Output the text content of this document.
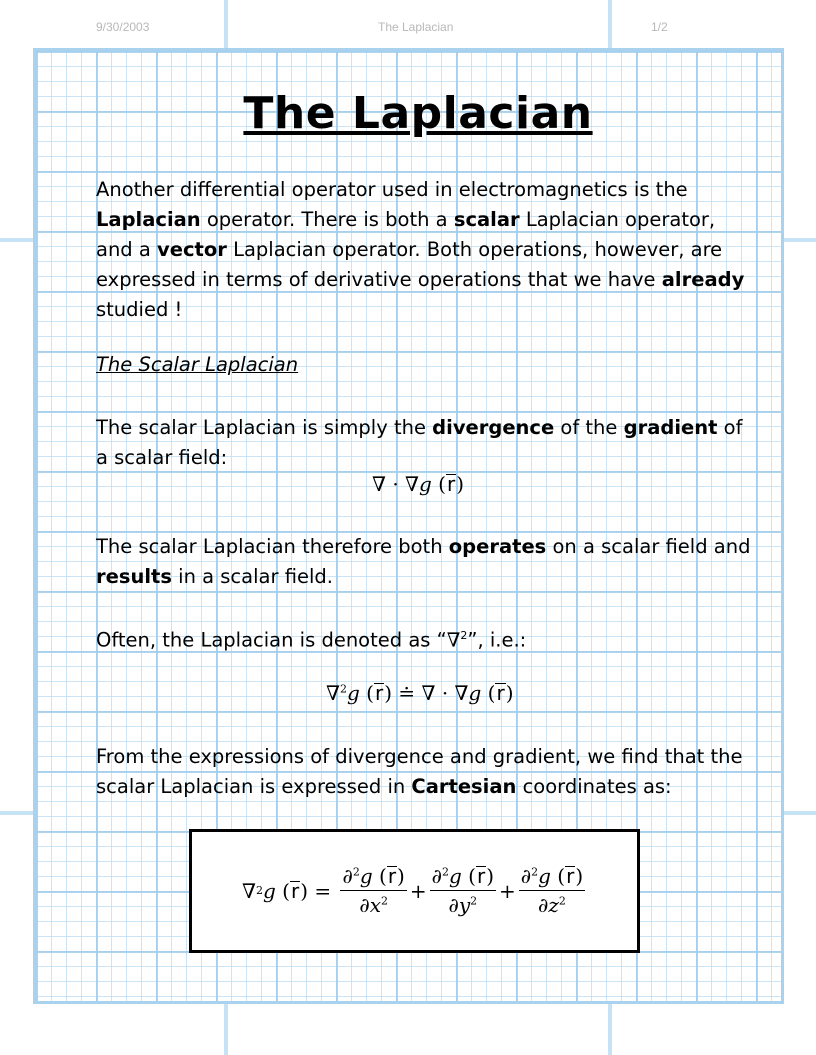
9/30/2003	The Laplacian	1/2
The Laplacian
Another differential operator used in electromagnetics is the Laplacian operator. There is both a scalar Laplacian operator, and a vector Laplacian operator. Both operations, however, are expressed in terms of derivative operations that we have already studied !
The Scalar Laplacian
The scalar Laplacian is simply the divergence of the gradient of a scalar field:
∇ · ∇g (r)
The scalar Laplacian therefore both operates on a scalar field and results in a scalar field.
Often, the Laplacian is denoted as “∇$^2$”, i.e.:
∇$^2$g (r) ≐ ∇ · ∇g (r)
From the expressions of divergence and gradient, we find that the scalar Laplacian is expressed in Cartesian coordinates as:
∇ 2 g ( r ) =
$\frac{\partial^2g (r)}{\partial x^2} + \frac{\partial^2g (r)}{\partial y^2} + \frac{\partial^2g (r)}{\partial z^2}$
